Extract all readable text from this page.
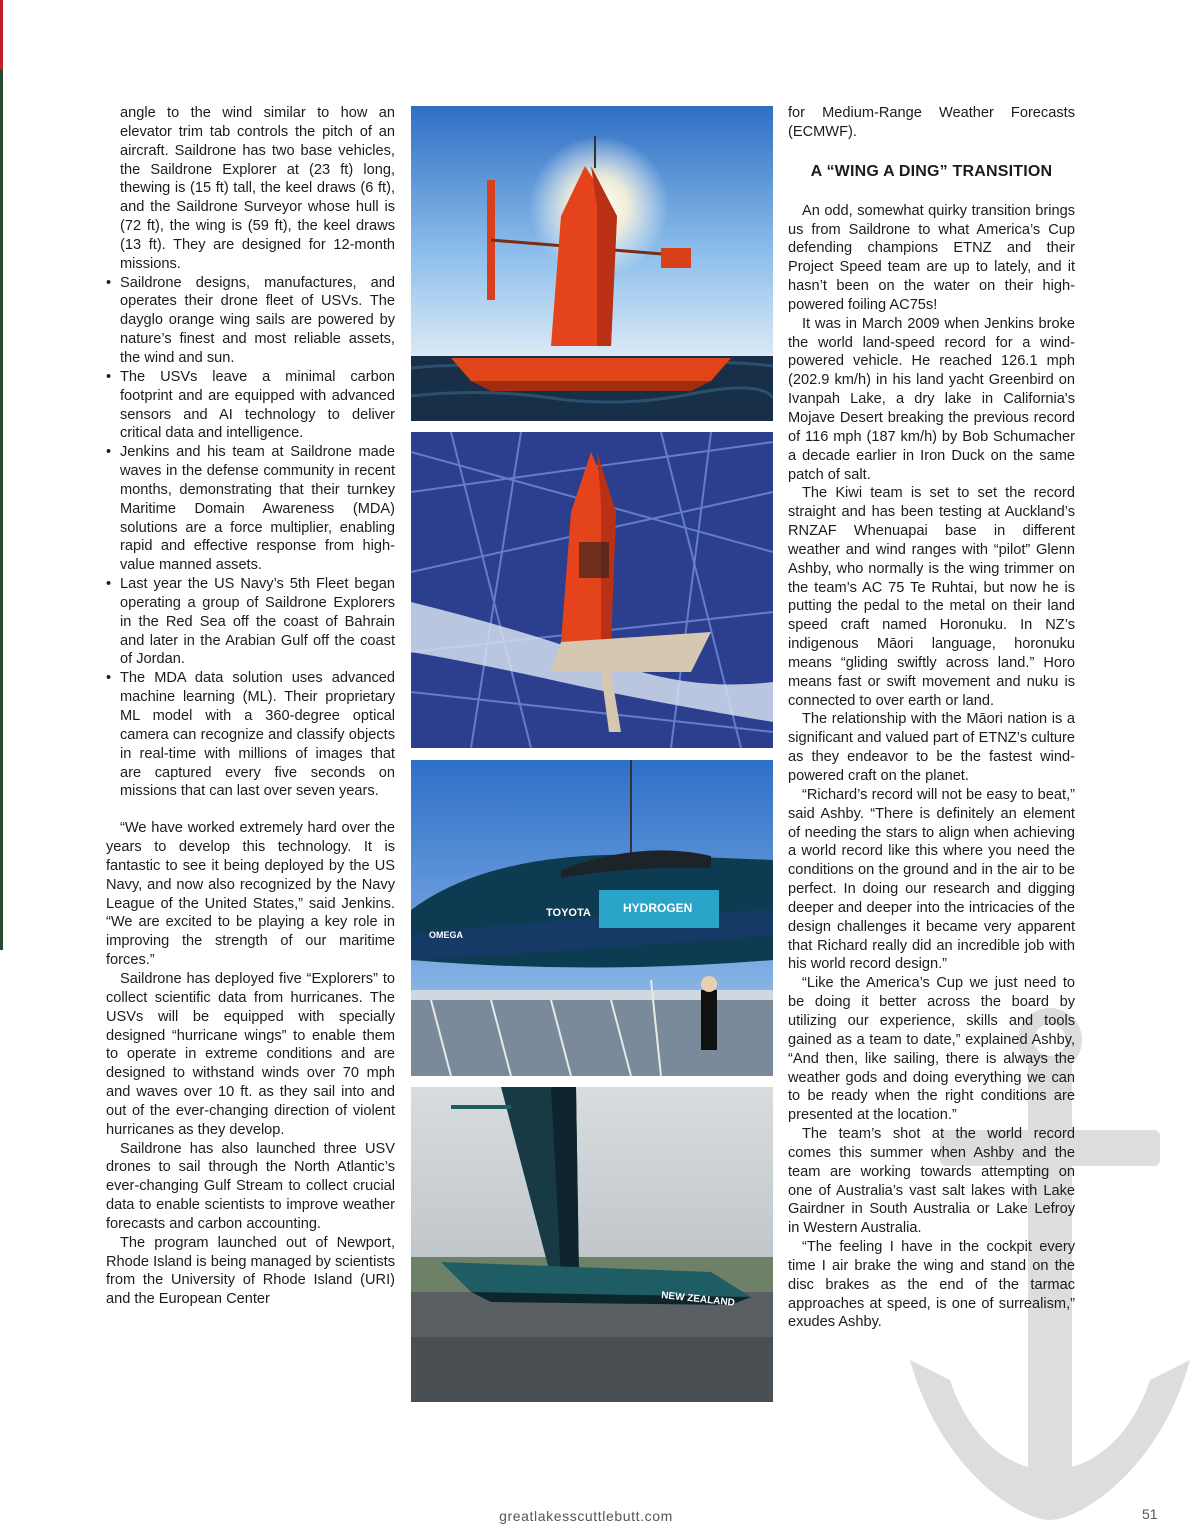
angle to the wind similar to how an elevator trim tab controls the pitch of an aircraft. Saildrone has two base vehicles, the Saildrone Explorer at (23 ft) long, thewing is (15 ft) tall, the keel draws (6 ft), and the Saildrone Surveyor whose hull is (72 ft), the wing is (59 ft), the keel draws (13 ft). They are designed for 12-month missions.

• Saildrone designs, manufactures, and operates their drone fleet of USVs. The dayglo orange wing sails are powered by nature’s finest and most reliable assets, the wind and sun.
• The USVs leave a minimal carbon footprint and are equipped with advanced sensors and AI technology to deliver critical data and intelligence.
• Jenkins and his team at Saildrone made waves in the defense community in recent months, demonstrating that their turnkey Maritime Domain Awareness (MDA) solutions are a force multiplier, enabling rapid and effective response from high-value manned assets.
• Last year the US Navy’s 5th Fleet began operating a group of Saildrone Explorers in the Red Sea off the coast of Bahrain and later in the Arabian Gulf off the coast of Jordan.
• The MDA data solution uses advanced machine learning (ML). Their proprietary ML model with a 360-degree optical camera can recognize and classify objects in real-time with millions of images that are captured every five seconds on missions that can last over seven years.

“We have worked extremely hard over the years to develop this technology. It is fantastic to see it being deployed by the US Navy, and now also recognized by the Navy League of the United States,” said Jenkins. “We are excited to be playing a key role in improving the strength of our maritime forces.”

Saildrone has deployed five “Explorers” to collect scientific data from hurricanes. The USVs will be equipped with specially designed “hurricane wings” to enable them to operate in extreme conditions and are designed to withstand winds over 70 mph and waves over 10 ft. as they sail into and out of the ever-changing direction of violent hurricanes as they develop.

Saildrone has also launched three USV drones to sail through the North Atlantic’s ever-changing Gulf Stream to collect crucial data to enable scientists to improve weather forecasts and carbon accounting.

The program launched out of Newport, Rhode Island is being managed by scientists from the University of Rhode Island (URI) and the European Center

TOYOTA	HYDROGEN
OMEGA
NEW ZEALAND

for Medium-Range Weather Forecasts (ECMWF).

A “WING A DING” TRANSITION

An odd, somewhat quirky transition brings us from Saildrone to what America’s Cup defending champions ETNZ and their Project Speed team are up to lately, and it hasn’t been on the water on their high-powered foiling AC75s!

It was in March 2009 when Jenkins broke the world land-speed record for a wind-powered vehicle. He reached 126.1 mph (202.9 km/h) in his land yacht Greenbird on Ivanpah Lake, a dry lake in California's Mojave Desert breaking the previous record of 116 mph (187 km/h) by Bob Schumacher a decade earlier in Iron Duck on the same patch of salt.

The Kiwi team is set to set the record straight and has been testing at Auckland’s RNZAF Whenuapai base in different weather and wind ranges with “pilot” Glenn Ashby, who normally is the wing trimmer on the team’s AC 75 Te Ruhtai, but now he is putting the pedal to the metal on their land speed craft named Horonuku. In NZ’s indigenous Māori language, horonuku means “gliding swiftly across land.” Horo means fast or swift movement and nuku is connected to over earth or land.

The relationship with the Māori nation is a significant and valued part of ETNZ’s culture as they endeavor to be the fastest wind-powered craft on the planet.

“Richard’s record will not be easy to beat,” said Ashby. “There is definitely an element of needing the stars to align when achieving a world record like this where you need the conditions on the ground and in the air to be perfect. In doing our research and digging deeper and deeper into the intricacies of the design challenges it became very apparent that Richard really did an incredible job with his world record design.”

“Like the America’s Cup we just need to be doing it better across the board by utilizing our experience, skills and tools gained as a team to date,” explained Ashby, “And then, like sailing, there is always the weather gods and doing everything we can to be ready when the right conditions are presented at the location.”

The team’s shot at the world record comes this summer when Ashby and the team are working towards attempting on one of Australia’s vast salt lakes with Lake Gairdner in South Australia or Lake Lefroy in Western Australia.

“The feeling I have in the cockpit every time I air brake the wing and stand on the disc brakes as the end of the tarmac approaches at speed, is one of surrealism,” exudes Ashby.

greatlakesscuttlebutt.com	51
